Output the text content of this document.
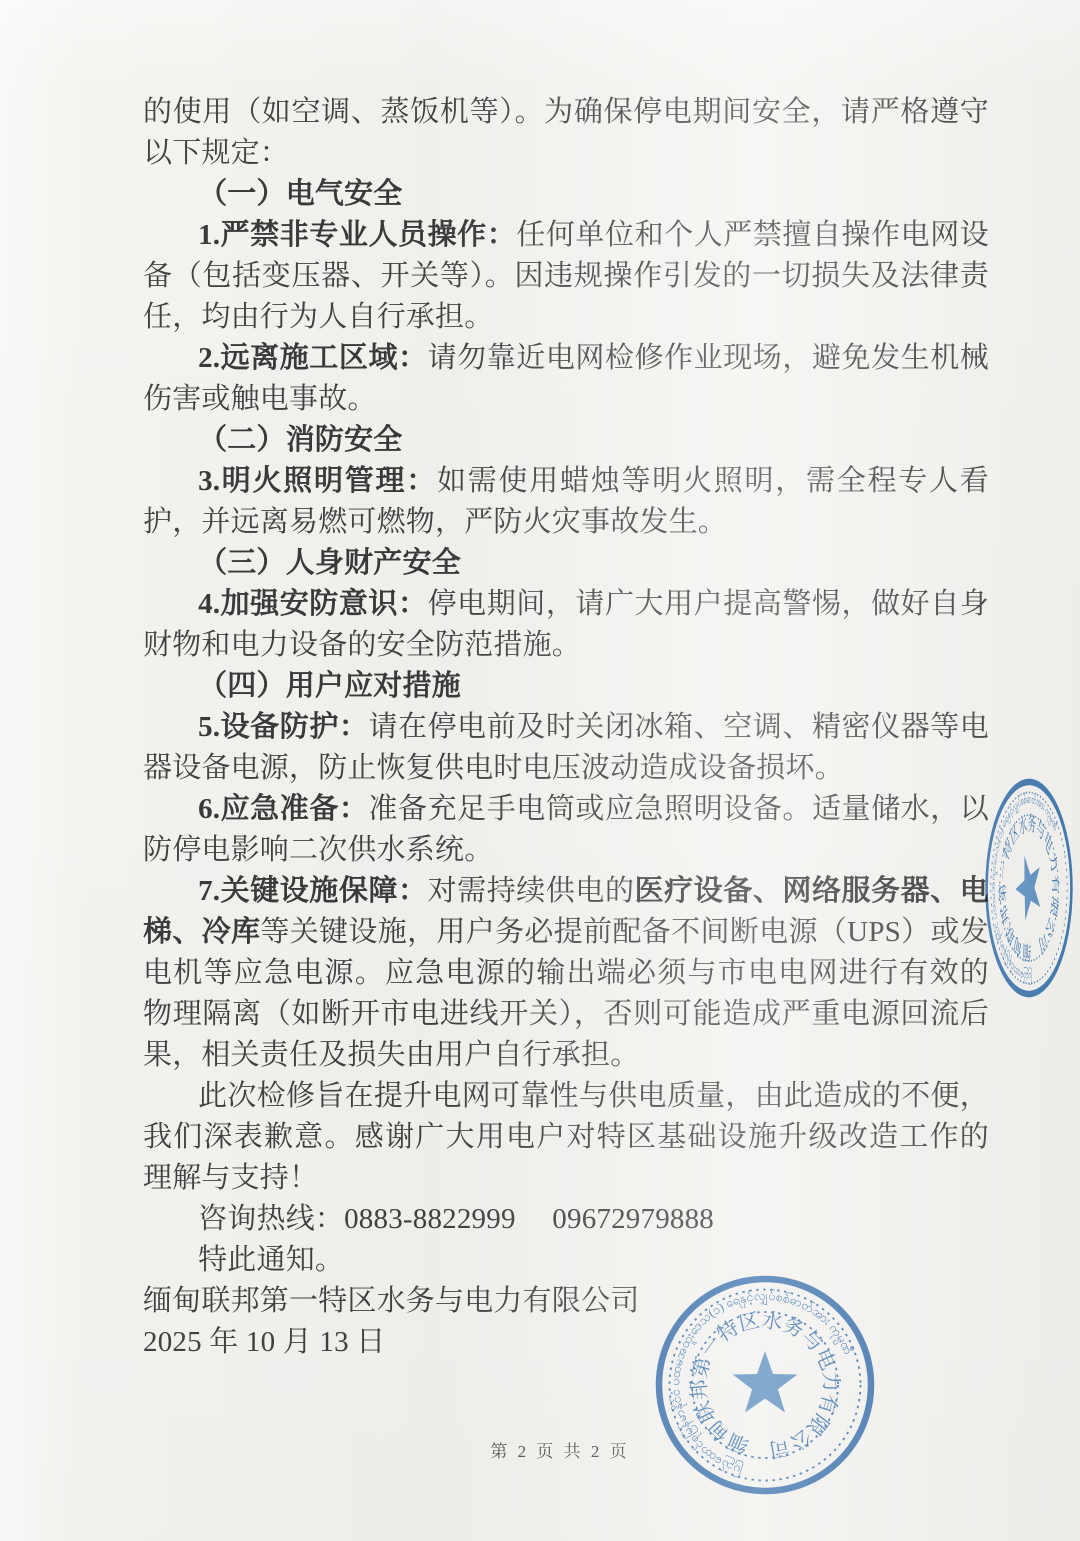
的使用（如空调、蒸饭机等）。为确保停电期间安全，请严格遵守以下规定：

（一）电气安全

1.严禁非专业人员操作：任何单位和个人严禁擅自操作电网设备（包括变压器、开关等）。因违规操作引发的一切损失及法律责任，均由行为人自行承担。

2.远离施工区域：请勿靠近电网检修作业现场，避免发生机械伤害或触电事故。

（二）消防安全

3.明火照明管理：如需使用蜡烛等明火照明，需全程专人看护，并远离易燃可燃物，严防火灾事故发生。

（三）人身财产安全

4.加强安防意识：停电期间，请广大用户提高警惕，做好自身财物和电力设备的安全防范措施。

（四）用户应对措施

5.设备防护：请在停电前及时关闭冰箱、空调、精密仪器等电器设备电源，防止恢复供电时电压波动造成设备损坏。

6.应急准备：准备充足手电筒或应急照明设备。适量储水，以防停电影响二次供水系统。

7.关键设施保障：对需持续供电的医疗设备、网络服务器、电梯、冷库等关键设施，用户务必提前配备不间断电源（UPS）或发电机等应急电源。应急电源的输出端必须与市电电网进行有效的物理隔离（如断开市电进线开关），否则可能造成严重电源回流后果，相关责任及损失由用户自行承担。

此次检修旨在提升电网可靠性与供电质量，由此造成的不便，我们深表歉意。感谢广大用电户对特区基础设施升级改造工作的理解与支持！

咨询热线：0883-8822999　 09672979888

特此通知。

缅甸联邦第一特区水务与电力有限公司

2025 年 10 月 13 日

第 2 页 共 2 页
ပြည်ထောင်စုမြန်မာနိုင်ငံ ပထမအထူးဒေသ(၁) ရေနှင့်လျှပ်စစ်ဓာတ်အား ကုမ္ပဏီ
缅甸联邦第一特区水务与电力有限公司
ပြည်ထောင်စုမြန်မာနိုင်ငံ ပထမအထူးဒေသ(၁) ရေနှင့်လျှပ်စစ်ဓာတ်အား ကုမ္ပဏီ
缅甸联邦第一特区水务与电力有限公司
